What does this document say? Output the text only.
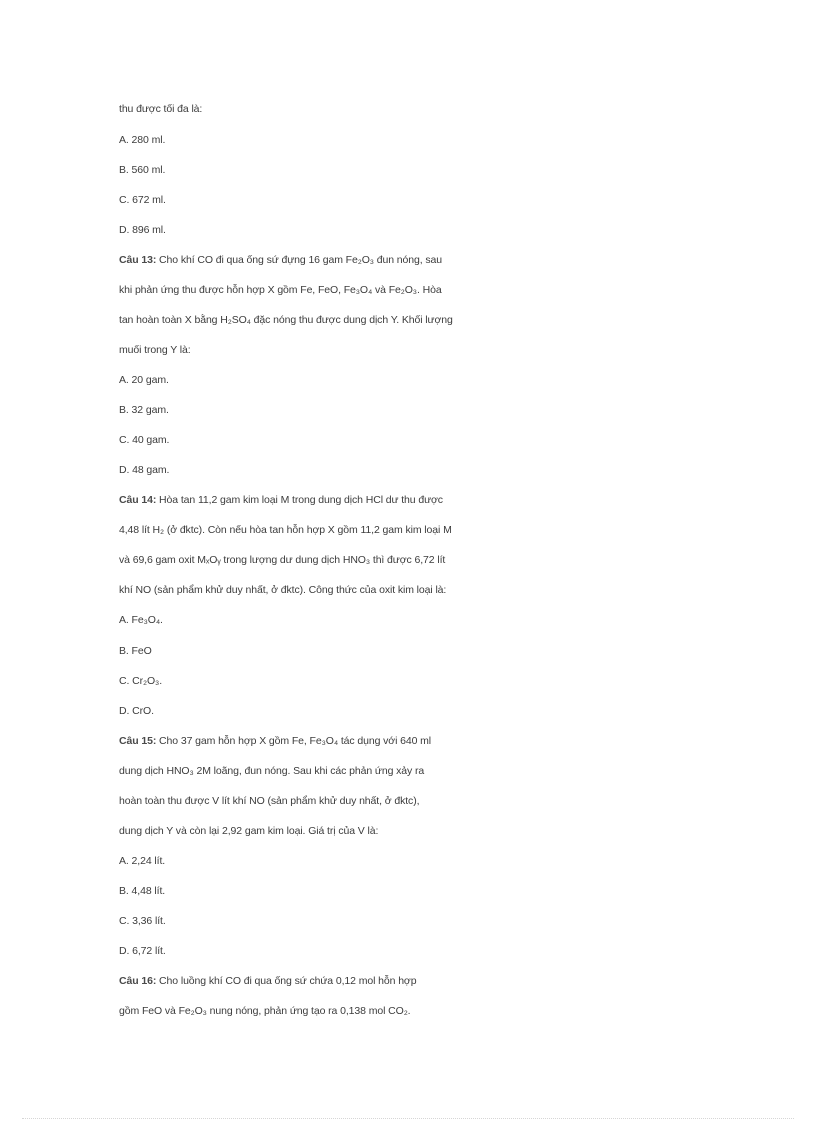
thu được tối đa là:
A. 280 ml.
B. 560 ml.
C. 672 ml.
D. 896 ml.
Câu 13: Cho khí CO đi qua ống sứ đựng 16 gam Fe₂O₃ đun nóng, sau
khi phản ứng thu được hỗn hợp X gồm Fe, FeO, Fe₃O₄ và Fe₂O₃. Hòa
tan hoàn toàn X bằng H₂SO₄ đặc nóng thu được dung dịch Y. Khối lượng
muối trong Y là:
A. 20 gam.
B. 32 gam.
C. 40 gam.
D. 48 gam.
Câu 14: Hòa tan 11,2 gam kim loại M trong dung dịch HCl dư thu được
4,48 lít H₂ (ở đktc). Còn nếu hòa tan hỗn hợp X gồm 11,2 gam kim loại M
và 69,6 gam oxit MₓOᵧ trong lượng dư dung dịch HNO₃ thì được 6,72 lít
khí NO (sản phẩm khử duy nhất, ở đktc). Công thức của oxit kim loại là:
A. Fe₃O₄.
B. FeO
C. Cr₂O₃.
D. CrO.
Câu 15: Cho 37 gam hỗn hợp X gồm Fe, Fe₃O₄ tác dụng với 640 ml
dung dịch HNO₃ 2M loãng, đun nóng. Sau khi các phản ứng xảy ra
hoàn toàn thu được V lít khí NO (sản phẩm khử duy nhất, ở đktc),
dung dịch Y và còn lại 2,92 gam kim loại. Giá trị của V là:
A. 2,24 lít.
B. 4,48 lít.
C. 3,36 lít.
D. 6,72 lít.
Câu 16: Cho luồng khí CO đi qua ống sứ chứa 0,12 mol hỗn hợp
gồm FeO và Fe₂O₃ nung nóng, phản ứng tạo ra 0,138 mol CO₂.
